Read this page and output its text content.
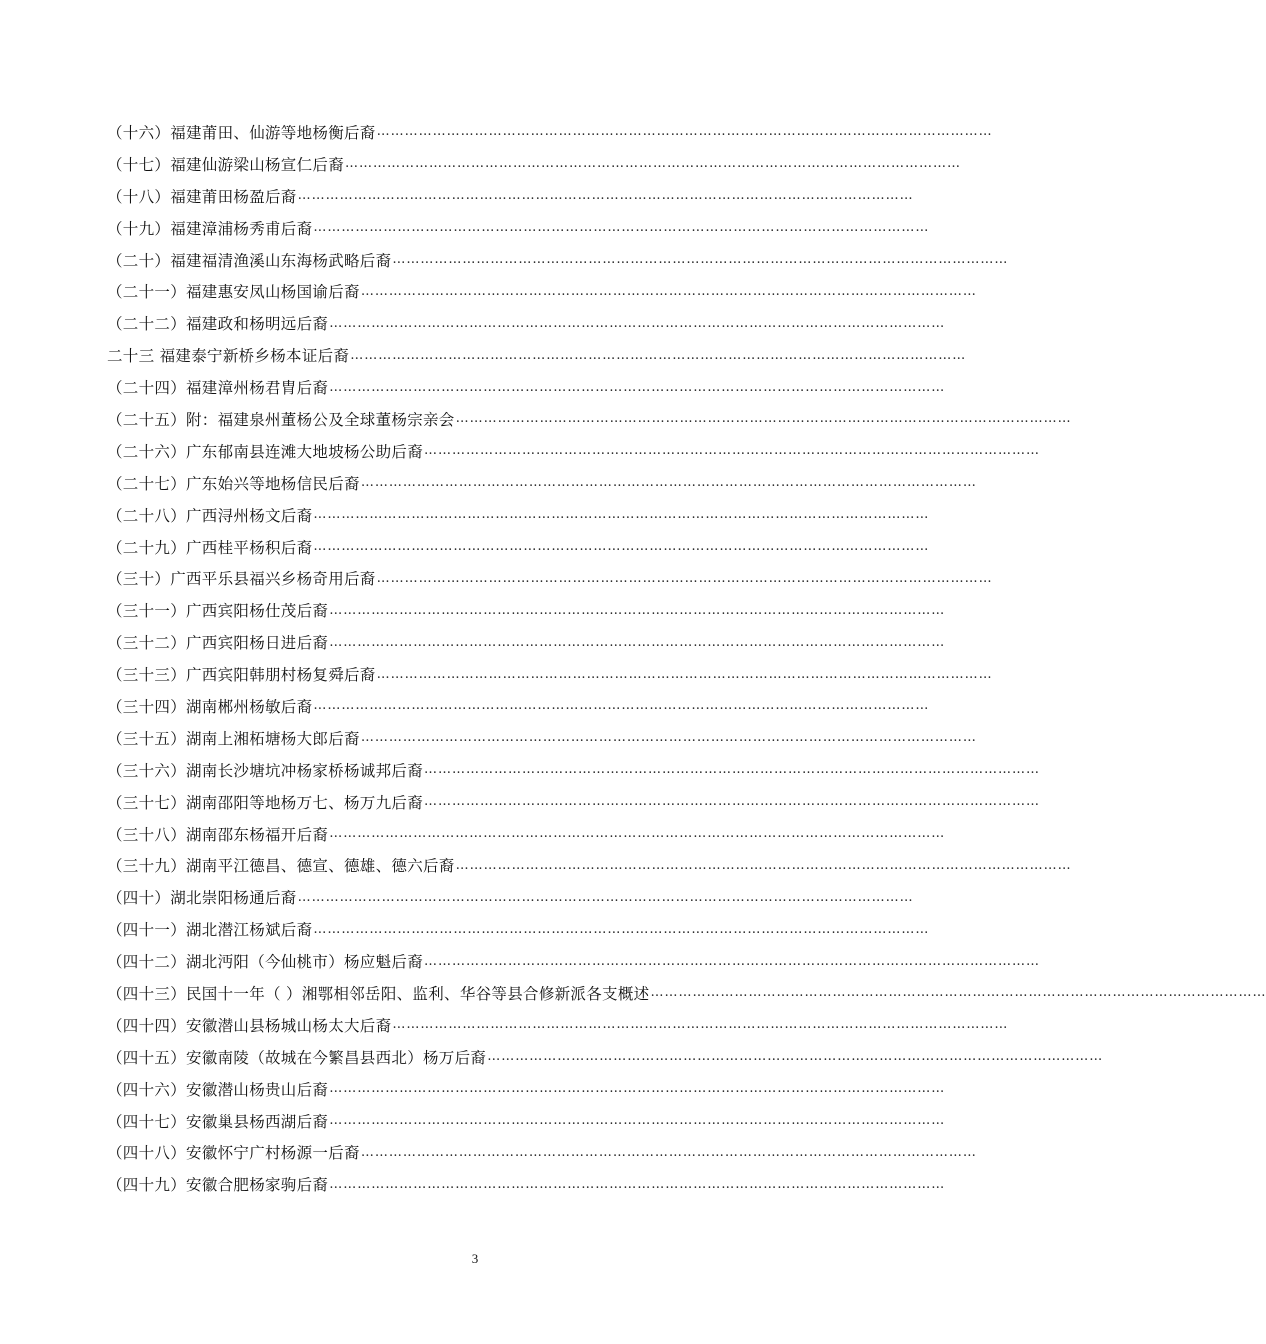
（十六）福建莆田、仙游等地杨衡后裔 ……………………………………………………………………………………………………………………
（十七）福建仙游梁山杨宣仁后裔 ……………………………………………………………………………………………………………………
（十八）福建莆田杨盈后裔 ……………………………………………………………………………………………………………………
（十九）福建漳浦杨秀甫后裔 ……………………………………………………………………………………………………………………
（二十）福建福清渔溪山东海杨武略后裔 ……………………………………………………………………………………………………………………
（二十一）福建惠安凤山杨国谕后裔 ……………………………………………………………………………………………………………………
（二十二）福建政和杨明远后裔 ……………………………………………………………………………………………………………………
二十三 福建泰宁新桥乡杨本证后裔 ……………………………………………………………………………………………………………………
（二十四）福建漳州杨君胄后裔 ……………………………………………………………………………………………………………………
（二十五）附：福建泉州董杨公及全球董杨宗亲会 ……………………………………………………………………………………………………………………
（二十六）广东郁南县连滩大地坡杨公助后裔 ……………………………………………………………………………………………………………………
（二十七）广东始兴等地杨信民后裔 ……………………………………………………………………………………………………………………
（二十八）广西浔州杨文后裔 ……………………………………………………………………………………………………………………
（二十九）广西桂平杨积后裔 ……………………………………………………………………………………………………………………
（三十）广西平乐县福兴乡杨奇用后裔 ……………………………………………………………………………………………………………………
（三十一）广西宾阳杨仕茂后裔 ……………………………………………………………………………………………………………………
（三十二）广西宾阳杨日进后裔 ……………………………………………………………………………………………………………………
（三十三）广西宾阳韩朋村杨复舜后裔 ……………………………………………………………………………………………………………………
（三十四）湖南郴州杨敏后裔 ……………………………………………………………………………………………………………………
（三十五）湖南上湘柘塘杨大郎后裔 ……………………………………………………………………………………………………………………
（三十六）湖南长沙塘坑冲杨家桥杨诚邦后裔 ……………………………………………………………………………………………………………………
（三十七）湖南邵阳等地杨万七、杨万九后裔 ……………………………………………………………………………………………………………………
（三十八）湖南邵东杨福开后裔 ……………………………………………………………………………………………………………………
（三十九）湖南平江德昌、德宣、德雄、德六后裔 ……………………………………………………………………………………………………………………
（四十）湖北崇阳杨通后裔 ……………………………………………………………………………………………………………………
（四十一）湖北潜江杨斌后裔 ……………………………………………………………………………………………………………………
（四十二）湖北沔阳（今仙桃市）杨应魁后裔 ……………………………………………………………………………………………………………………
（四十三）民国十一年（ ）湘鄂相邻岳阳、监利、华谷等县合修新派各支概述 ……………………………………………………………………………………………………………………
（四十四）安徽潜山县杨城山杨太大后裔 ……………………………………………………………………………………………………………………
（四十五）安徽南陵（故城在今繁昌县西北）杨万后裔 ……………………………………………………………………………………………………………………
（四十六）安徽潜山杨贵山后裔 ……………………………………………………………………………………………………………………
（四十七）安徽巢县杨西湖后裔 ……………………………………………………………………………………………………………………
（四十八）安徽怀宁广村杨源一后裔 ……………………………………………………………………………………………………………………
（四十九）安徽合肥杨家驹后裔 ……………………………………………………………………………………………………………………
3
